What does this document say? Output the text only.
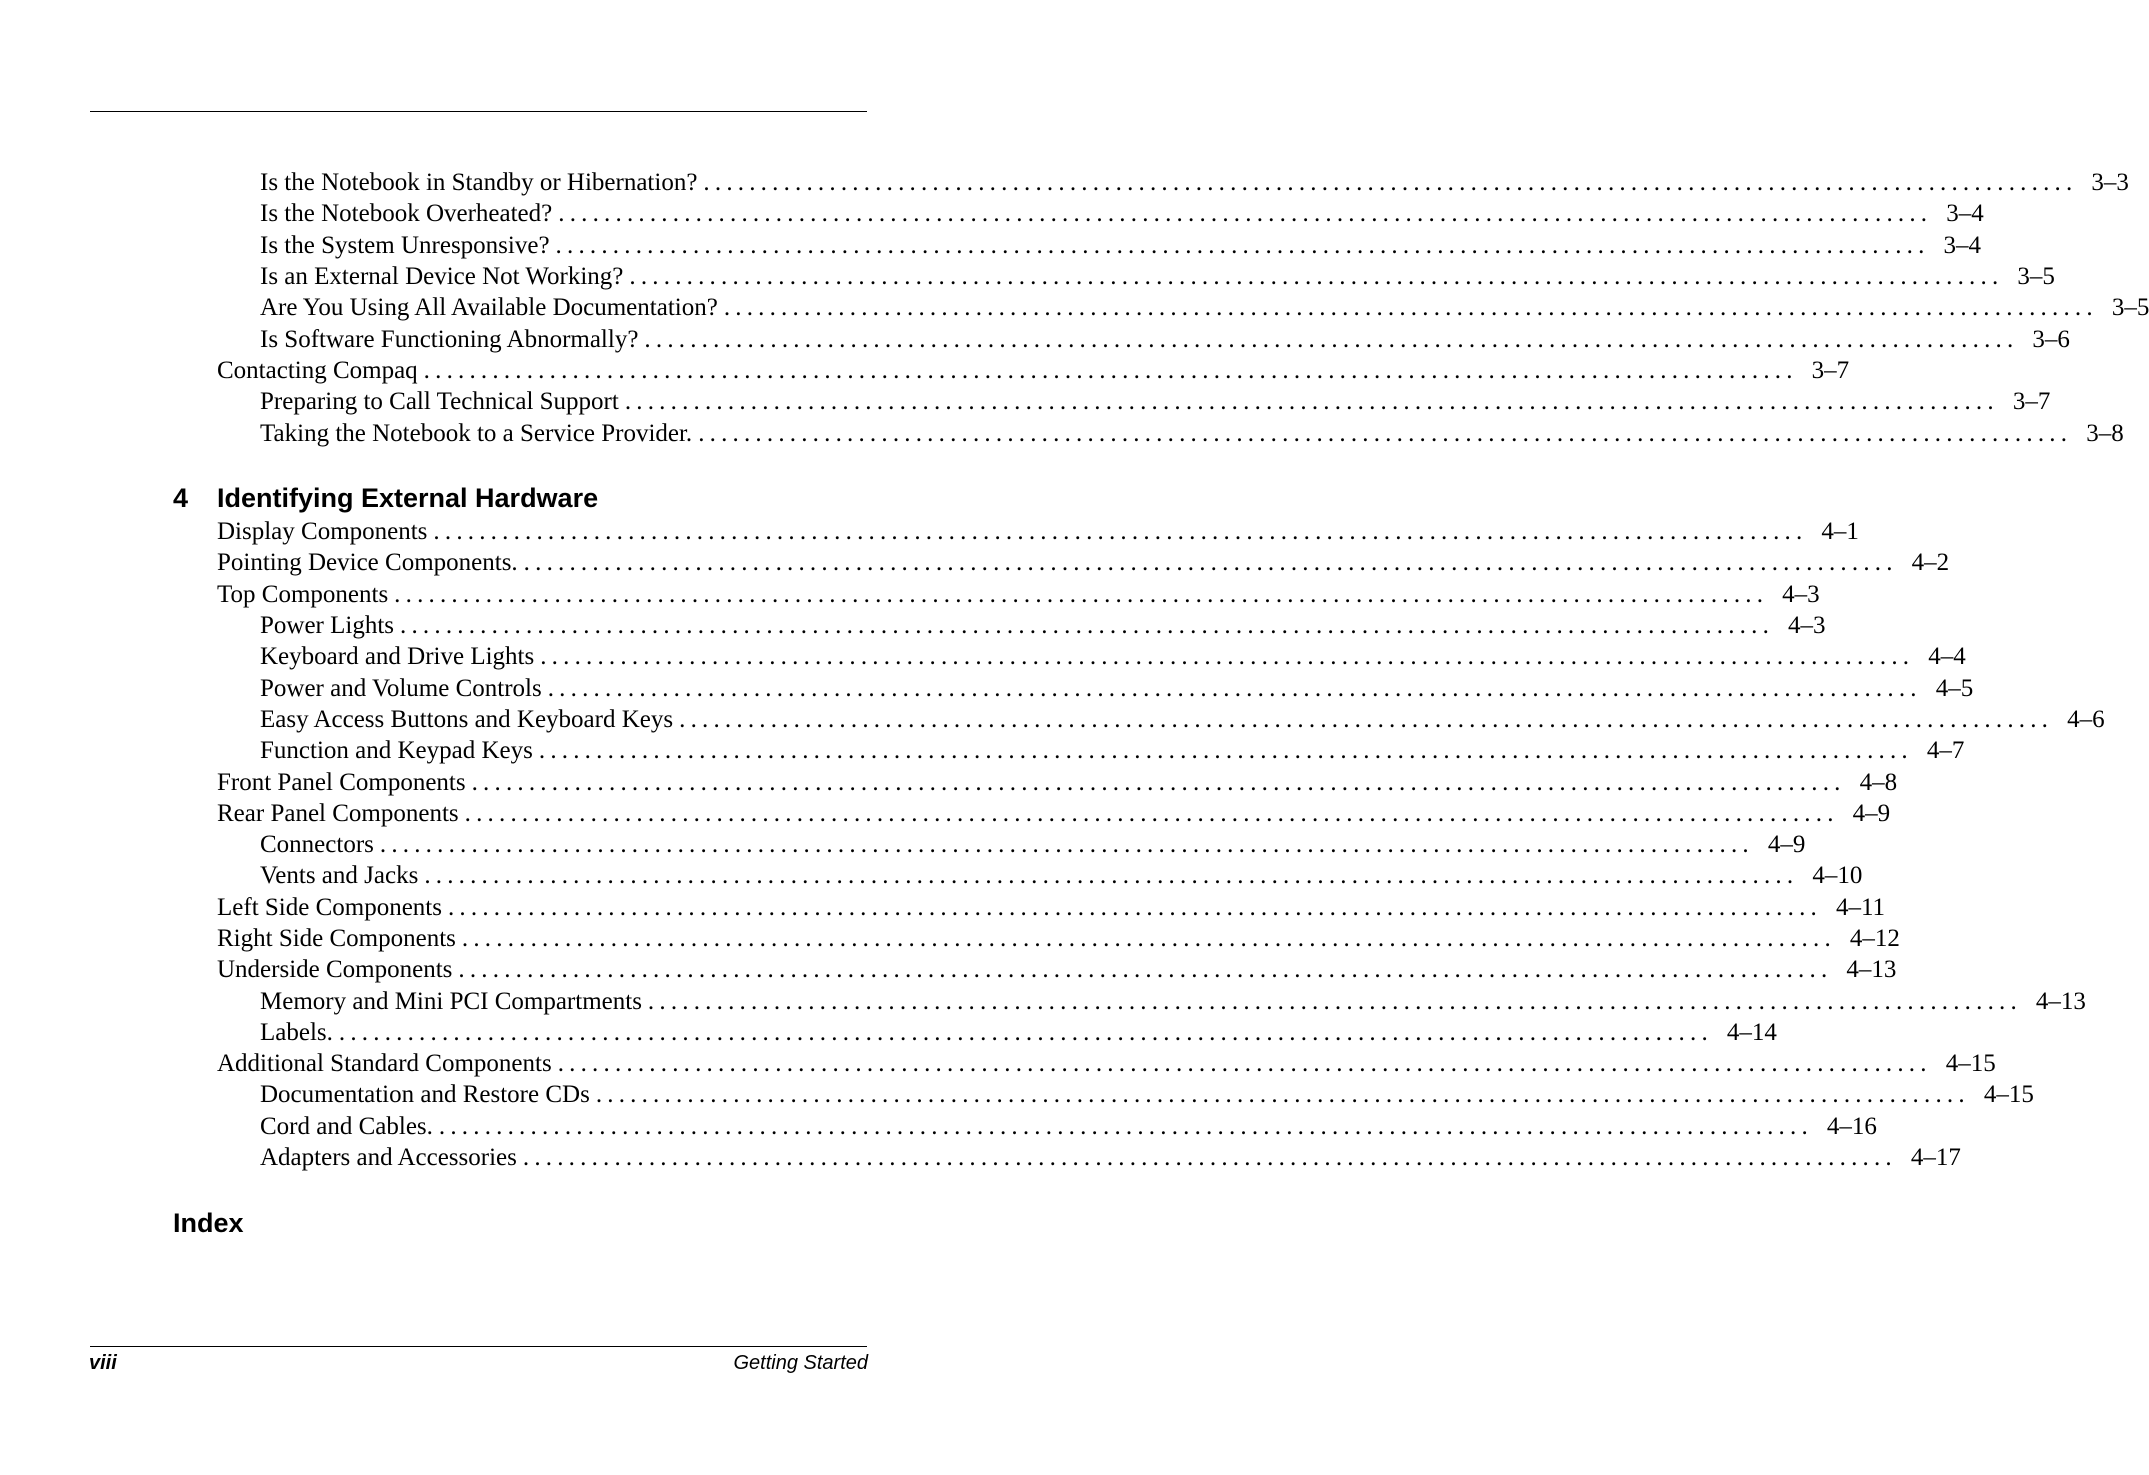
Is the Notebook in Standby or Hibernation? ........................................................................................................................ 3–3
Is the Notebook Overheated? ........................................................................................................................ 3–4
Is the System Unresponsive? ........................................................................................................................ 3–4
Is an External Device Not Working? ........................................................................................................................ 3–5
Are You Using All Available Documentation? ........................................................................................................................ 3–5
Is Software Functioning Abnormally? ........................................................................................................................ 3–6
Contacting Compaq ........................................................................................................................ 3–7
Preparing to Call Technical Support ........................................................................................................................ 3–7
Taking the Notebook to a Service Provider. ........................................................................................................................ 3–8
4 Identifying External Hardware
Display Components ........................................................................................................................ 4–1
Pointing Device Components. ........................................................................................................................ 4–2
Top Components ........................................................................................................................ 4–3
Power Lights ........................................................................................................................ 4–3
Keyboard and Drive Lights ........................................................................................................................ 4–4
Power and Volume Controls ........................................................................................................................ 4–5
Easy Access Buttons and Keyboard Keys ........................................................................................................................ 4–6
Function and Keypad Keys ........................................................................................................................ 4–7
Front Panel Components ........................................................................................................................ 4–8
Rear Panel Components ........................................................................................................................ 4–9
Connectors ........................................................................................................................ 4–9
Vents and Jacks ........................................................................................................................ 4–10
Left Side Components ........................................................................................................................ 4–11
Right Side Components ........................................................................................................................ 4–12
Underside Components ........................................................................................................................ 4–13
Memory and Mini PCI Compartments ........................................................................................................................ 4–13
Labels. ........................................................................................................................ 4–14
Additional Standard Components ........................................................................................................................ 4–15
Documentation and Restore CDs ........................................................................................................................ 4–15
Cord and Cables. ........................................................................................................................ 4–16
Adapters and Accessories ........................................................................................................................ 4–17
Index
viii	Getting Started
